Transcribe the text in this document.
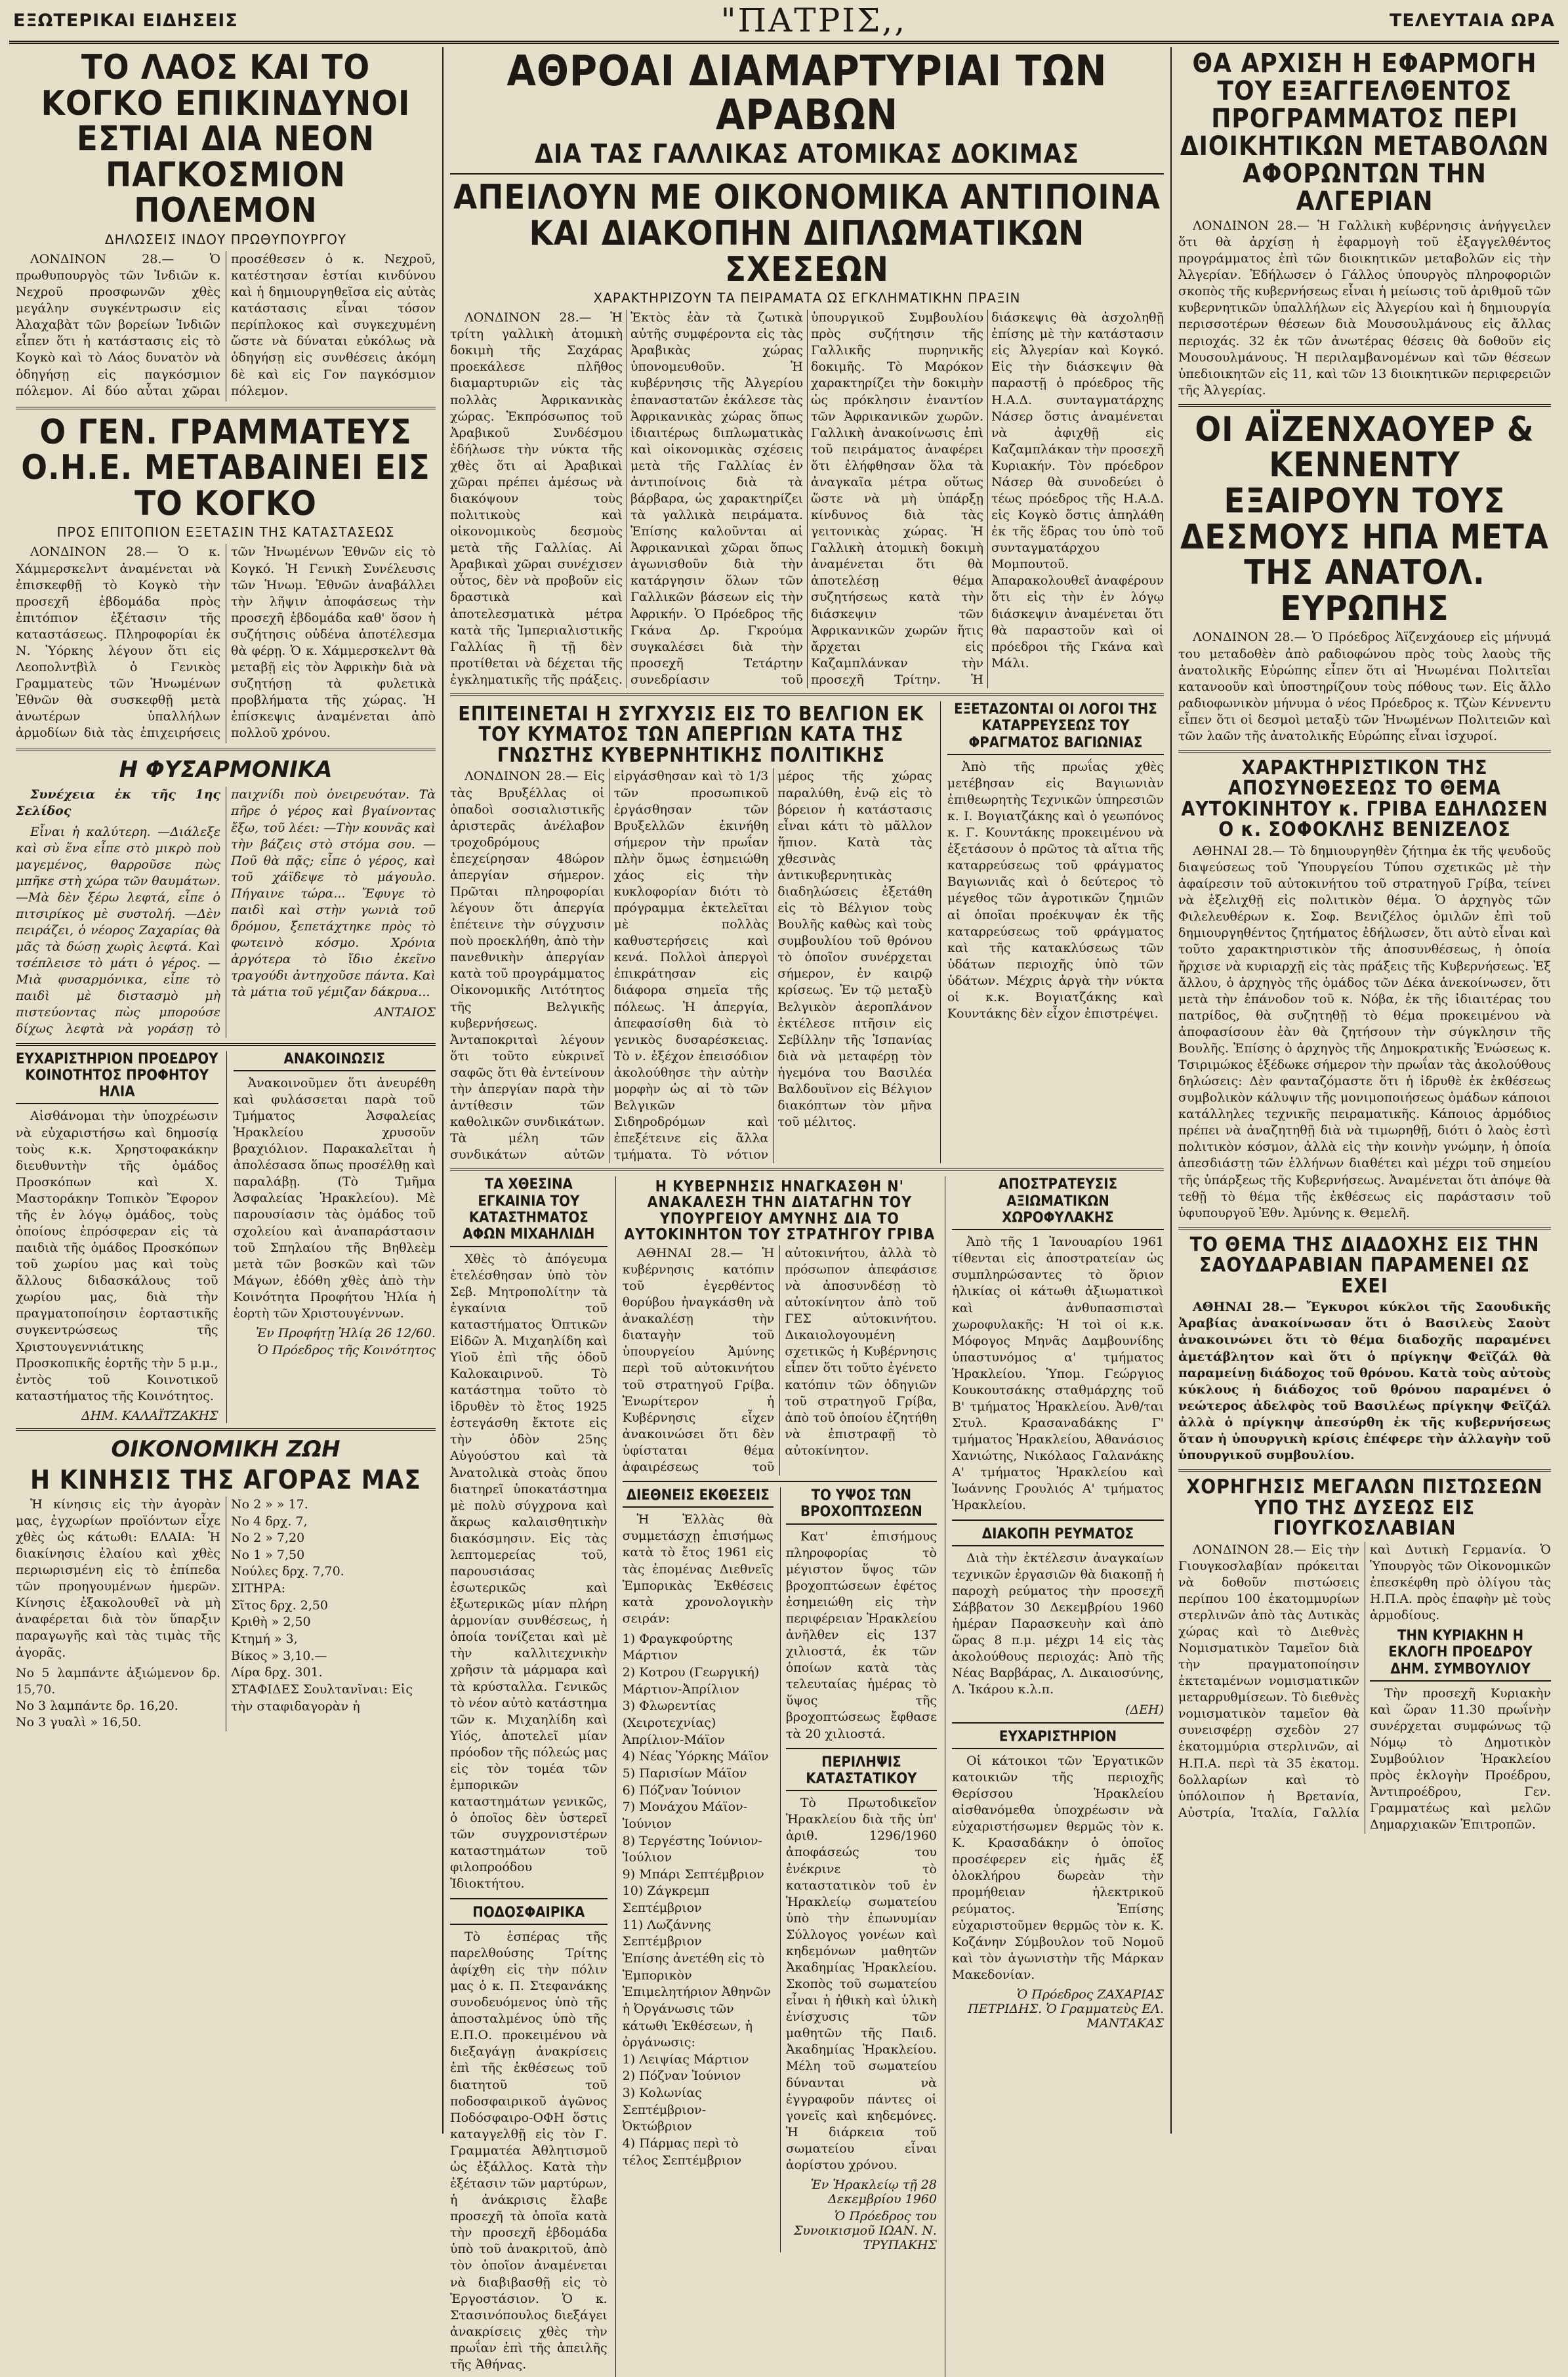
ΕΞΩΤΕΡΙΚΑΙ ΕΙΔΗΣΕΙΣ	"ΠΑΤΡΙΣ,,	ΤΕΛΕΥΤΑΙΑ ΩΡΑ
ΤΟ ΛΑΟΣ ΚΑΙ ΤΟ ΚΟΓΚΟ ΕΠΙΚΙΝΔΥΝΟΙ ΕΣΤΙΑΙ ΔΙΑ ΝΕΟΝ ΠΑΓΚΟΣΜΙΟΝ ΠΟΛΕΜΟΝ
ΔΗΛΩΣΕΙΣ ΙΝΔΟΥ ΠΡΩΘΥΠΟΥΡΓΟΥ

ΛΟΝΔΙΝΟΝ 28.— Ὁ πρωθυπουργὸς τῶν Ἰνδιῶν κ. Νεχροῦ προσφωνῶν χθὲς μεγάλην συγκέντρωσιν εἰς Ἀλαχαβὰτ τῶν βορείων Ἰνδιῶν εἶπεν ὅτι ἡ κατάστασις εἰς τὸ Κογκὸ καὶ τὸ Λάος δυνατὸν νὰ ὁδηγήσῃ εἰς παγκόσμιον πόλεμον. Αἱ δύο αὗται χῶραι προσέθεσεν ὁ κ. Νεχροῦ, κατέστησαν ἑστίαι κινδύνου καὶ ἡ δημιουργηθεῖσα εἰς αὐτὰς κατάστασις εἶναι τόσον περίπλοκος καὶ συγκεχυμένη ὥστε νὰ δύναται εὐκόλως νὰ ὁδηγήσῃ εἰς συνθέσεις ἀκόμη δὲ καὶ εἰς Γον παγκόσμιον πόλεμον.

Ο ΓΕΝ. ΓΡΑΜΜΑΤΕΥΣ Ο.Η.Ε. ΜΕΤΑΒΑΙΝΕΙ ΕΙΣ ΤΟ ΚΟΓΚΟ
ΠΡΟΣ ΕΠΙΤΟΠΙΟΝ ΕΞΕΤΑΣΙΝ ΤΗΣ ΚΑΤΑΣΤΑΣΕΩΣ

ΛΟΝΔΙΝΟΝ 28.— Ὁ κ. Χάμμερσκελντ ἀναμένεται νὰ ἐπισκεφθῇ τὸ Κογκὸ τὴν προσεχῆ ἑβδομάδα πρὸς ἐπιτόπιον ἐξέτασιν τῆς καταστάσεως. Πληροφορίαι ἐκ Ν. Ὑόρκης λέγουν ὅτι εἰς Λεοπολντβὶλ ὁ Γενικὸς Γραμματεὺς τῶν Ἡνωμένων Ἐθνῶν θὰ συσκεφθῇ μετὰ ἀνωτέρων ὑπαλλήλων ἀρμοδίων διὰ τὰς ἐπιχειρήσεις τῶν Ἡνωμένων Ἐθνῶν εἰς τὸ Κογκό. Ἡ Γενικὴ Συνέλευσις τῶν Ἡνωμ. Ἐθνῶν ἀναβάλλει τὴν λῆψιν ἀποφάσεως τὴν προσεχῆ ἑβδομάδα καθ' ὅσον ἡ συζήτησις οὐδένα ἀποτέλεσμα θὰ φέρῃ. Ὁ κ. Χάμμερσκελντ θὰ μεταβῇ εἰς τὸν Ἀφρικὴν διὰ νὰ συζητήσῃ τὰ φυλετικὰ προβλήματα τῆς χώρας. Ἡ ἐπίσκεψις ἀναμένεται ἀπὸ πολλοῦ χρόνου.

Η ΦΥΣΑΡΜΟΝΙΚΑ

Συνέχεια ἐκ τῆς 1ης Σελίδος

Εἶναι ἡ καλύτερη. —Διάλεξε καὶ σὺ ἕνα εἶπε στὸ μικρὸ ποὺ μαγεμένος, θαρροῦσε πὼς μπῆκε στὴ χώρα τῶν θαυμάτων. —Μὰ δὲν ξέρω λεφτά, εἶπε ὁ πιτσιρίκος μὲ συστολή. —Δὲν πειράζει, ὁ νέορος Ζαχαρίας θὰ μᾶς τὰ δώσῃ χωρὶς λεφτά. Καὶ τσέπλεισε τὸ μάτι ὁ γέρος. —Μιὰ φυσαρμόνικα, εἶπε τὸ παιδὶ μὲ διστασμὸ μὴ πιστεύοντας πὼς μπορούσε δίχως λεφτὰ νὰ γοράσῃ τὸ παιχνίδι ποὺ ὀνειρευόταν. Τὰ πῆρε ὁ γέρος καὶ βγαίνοντας ἔξω, τοῦ λέει: —Τὴν κουνᾶς καὶ τὴν βάζεις στὸ στόμα σου. —Ποῦ θὰ πᾷς; εἶπε ὁ γέρος, καὶ τοῦ χάϊδεψε τὸ μάγουλο. Πήγαινε τώρα... Ἔφυγε τὸ παιδὶ καὶ στὴν γωνιὰ τοῦ δρόμου, ξεπετάχτηκε πρὸς τὸ φωτεινὸ κόσμο. Χρόνια ἀργότερα τὸ ἴδιο ἐκεῖνο τραγούδι ἀντηχοῦσε πάντα. Καὶ τὰ μάτια τοῦ γέμιζαν δάκρυα...

ΑΝΤΑΙΟΣ
ΕΥΧΑΡΙΣΤΗΡΙΟΝ ΠΡΟΕΔΡΟΥ ΚΟΙΝΟΤΗΤΟΣ ΠΡΟΦΗΤΟΥ ΗΛΙΑ

Αἰσθάνομαι τὴν ὑποχρέωσιν νὰ εὐχαριστήσω καὶ δημοσίᾳ τοὺς κ.κ. Χρηστοφακάκην διευθυντὴν τῆς ὁμάδος Προσκόπων καὶ Χ. Μαστοράκην Τοπικὸν Ἔφορον τῆς ἐν λόγῳ ὁμάδος, τοὺς ὁποίους ἐπρόσφεραν εἰς τὰ παιδιὰ τῆς ὁμάδος Προσκόπων τοῦ χωρίου μας καὶ τοὺς ἄλλους διδασκάλους τοῦ χωρίου μας, διὰ τὴν πραγματοποίησιν ἑορταστικῆς συγκεντρώσεως τῆς Χριστουγεννιάτικης Προσκοπικῆς ἑορτῆς τὴν 5 μ.μ., ἐντὸς τοῦ Κοινοτικοῦ καταστήματος τῆς Κοινότητος.

ΔΗΜ. ΚΑΛΑΪΤΖΑΚΗΣ
ΑΝΑΚΟΙΝΩΣΙΣ

Ἀνακοινοῦμεν ὅτι ἀνευρέθη καὶ φυλάσσεται παρὰ τοῦ Τμήματος Ἀσφαλείας Ἡρακλείου χρυσοῦν βραχιόλιον. Παρακαλεῖται ἡ ἀπολέσασα ὅπως προσέλθῃ καὶ παραλάβῃ. (Τὸ Τμῆμα Ἀσφαλείας Ἡρακλείου). Μὲ παρουσίασιν τὰς ὁμάδος τοῦ σχολείου καὶ ἀναπαράστασιν τοῦ Σπηλαίου τῆς Βηθλεὲμ μετὰ τῶν βοσκῶν καὶ τῶν Μάγων, ἐδόθη χθὲς ἀπὸ τὴν Κοινότητα Προφήτου Ἠλία ἡ ἑορτὴ τῶν Χριστουγέννων.

Ἐν Προφήτῃ Ἠλίᾳ 26 12/60.
Ὁ Πρόεδρος τῆς Κοινότητος
ΟΙΚΟΝΟΜΙΚΗ ΖΩΗ
Η ΚΙΝΗΣΙΣ ΤΗΣ ΑΓΟΡΑΣ ΜΑΣ

Ἡ κίνησις εἰς τὴν ἀγορὰν μας, ἐγχωρίων προϊόντων εἶχε χθὲς ὡς κάτωθι: ΕΛΑΙΑ: Ἡ διακίνησις ἐλαίου καὶ χθὲς περιωρισμένη εἰς τὸ ἐπίπεδα τῶν προηγουμένων ἡμερῶν. Κίνησις ἐξακολουθεῖ νὰ μὴ ἀναφέρεται διὰ τὸν ὕπαρξιν παραγωγῆς καὶ τὰς τιμὰς τῆς ἀγορᾶς.

No 5 λαμπάντε ἀξιώμενον δρ. 15,70.
No 3 λαμπάντε δρ. 16,20.
No 3 γυαλὶ » 16,50.
No 2 » » 17.
No 4 δρχ. 7,
No 2 » 7,20
No 1 » 7,50
Νούλες δρχ. 7,70.
ΣΙΤΗΡΑ:
Σῖτος δρχ. 2,50
Κριθὴ » 2,50
Κτημή » 3,
Βίκος » 3,10.—
Λίρα δρχ. 301.
ΣΤΑΦΙΔΕΣ Σουλτανῖναι: Εἰς τὴν σταφιδαγορὰν ἡ
ΑΘΡΟΑΙ ΔΙΑΜΑΡΤΥΡΙΑΙ ΤΩΝ ΑΡΑΒΩΝ
ΔΙΑ ΤΑΣ ΓΑΛΛΙΚΑΣ ΑΤΟΜΙΚΑΣ ΔΟΚΙΜΑΣ
ΑΠΕΙΛΟΥΝ ΜΕ ΟΙΚΟΝΟΜΙΚΑ ΑΝΤΙΠΟΙΝΑ ΚΑΙ ΔΙΑΚΟΠΗΝ ΔΙΠΛΩΜΑΤΙΚΩΝ ΣΧΕΣΕΩΝ
ΧΑΡΑΚΤΗΡΙΖΟΥΝ ΤΑ ΠΕΙΡΑΜΑΤΑ ΩΣ ΕΓΚΛΗΜΑΤΙΚΗΝ ΠΡΑΞΙΝ

ΛΟΝΔΙΝΟΝ 28.— Ἡ τρίτη γαλλικὴ ἀτομικὴ δοκιμὴ τῆς Σαχάρας προεκάλεσε πλῆθος διαμαρτυριῶν εἰς τὰς πολλὰς Ἀφρικανικὰς χώρας. Ἐκπρόσωπος τοῦ Ἀραβικοῦ Συνδέσμου ἐδήλωσε τὴν νύκτα τῆς χθὲς ὅτι αἱ Ἀραβικαὶ χῶραι πρέπει ἀμέσως νὰ διακόψουν τοὺς πολιτικοὺς καὶ οἰκονομικοὺς δεσμοὺς μετὰ τῆς Γαλλίας. Αἱ Ἀραβικαὶ χῶραι συνέχισεν οὗτος, δὲν νὰ προβοῦν εἰς δραστικὰ καὶ ἀποτελεσματικὰ μέτρα κατὰ τῆς Ἰμπεριαλιστικῆς Γαλλίας ἢ τῇ δὲν προτίθεται νὰ δέχεται τῆς ἐγκληματικῆς τῆς πράξεις. Ἐκτὸς ἐὰν τὰ ζωτικὰ αὐτῆς συμφέροντα εἰς τὰς Ἀραβικὰς χώρας ὑπονομευθοῦν. Ἡ κυβέρνησις τῆς Ἀλγερίου ἐπαναστατῶν ἐκάλεσε τὰς Ἀφρικανικὰς χώρας ὅπως ἰδιαιτέρως διπλωματικὰς καὶ οἰκονομικὰς σχέσεις μετὰ τῆς Γαλλίας ἐν ἀντιποίνοις διὰ τὰ βάρβαρα, ὡς χαρακτηρίζει τὰ γαλλικὰ πειράματα. Ἐπίσης καλοῦνται αἱ Ἀφρικανικαὶ χῶραι ὅπως ἀγωνισθοῦν διὰ τὴν κατάργησιν ὅλων τῶν Γαλλικῶν βάσεων εἰς τὴν Ἀφρικήν. Ὁ Πρόεδρος τῆς Γκάνα Δρ. Γκρούμα συγκαλέσει διὰ τὴν προσεχῆ Τετάρτην συνεδρίασιν τοῦ ὑπουργικοῦ Συμβουλίου πρὸς συζήτησιν τῆς Γαλλικῆς πυρηνικῆς δοκιμῆς. Τὸ Μαρόκον χαρακτηρίζει τὴν δοκιμὴν ὡς πρόκλησιν ἐναντίον τῶν Ἀφρικανικῶν χωρῶν. Γαλλικὴ ἀνακοίνωσις ἐπὶ τοῦ πειράματος ἀναφέρει ὅτι ἐλήφθησαν ὅλα τὰ ἀναγκαῖα μέτρα οὕτως ὥστε νὰ μὴ ὑπάρξῃ κίνδυνος διὰ τὰς γειτονικὰς χώρας. Ἡ Γαλλικὴ ἀτομικὴ δοκιμὴ ἀναμένεται ὅτι θὰ ἀποτελέσῃ θέμα συζητήσεως κατὰ τὴν διάσκεψιν τῶν Ἀφρικανικῶν χωρῶν ἥτις ἄρχεται εἰς Καζαμπλάνκαν τὴν προσεχῆ Τρίτην. Ἡ διάσκεψις θὰ ἀσχοληθῇ ἐπίσης μὲ τὴν κατάστασιν εἰς Ἀλγερίαν καὶ Κογκό. Εἰς τὴν διάσκεψιν θὰ παραστῇ ὁ πρόεδρος τῆς Η.Α.Δ. συνταγματάρχης Νάσερ ὅστις ἀναμένεται νὰ ἀφιχθῇ εἰς Καζαμπλάκαν τὴν προσεχῆ Κυριακήν. Τὸν πρόεδρον Νάσερ θὰ συνοδεύει ὁ τέως πρόεδρος τῆς Η.Α.Δ. εἰς Κογκὸ ὅστις ἀπηλάθη ἐκ τῆς ἔδρας του ὑπὸ τοῦ συνταγματάρχου Μομπουτοῦ. Ἀπαρακολουθεῖ ἀναφέρουν ὅτι εἰς τὴν ἐν λόγῳ διάσκεψιν ἀναμένεται ὅτι θὰ παραστοῦν καὶ οἱ πρόεδροι τῆς Γκάνα καὶ Μάλι.

ΕΠΙΤΕΙΝΕΤΑΙ Η ΣΥΓΧΥΣΙΣ ΕΙΣ ΤΟ ΒΕΛΓΙΟΝ ΕΚ ΤΟΥ ΚΥΜΑΤΟΣ ΤΩΝ ΑΠΕΡΓΙΩΝ ΚΑΤΑ ΤΗΣ ΓΝΩΣΤΗΣ ΚΥΒΕΡΝΗΤΙΚΗΣ ΠΟΛΙΤΙΚΗΣ

ΛΟΝΔΙΝΟΝ 28.— Εἰς τὰς Βρυξέλλας οἱ ὀπαδοὶ σοσιαλιστικῆς ἀριστερᾶς ἀνέλαβον τροχοδρόμους ἐπεχείρησαν 48ώρον ἀπεργίαν σήμερον. Πρῶται πληροφορίαι λέγουν ὅτι ἀπεργία ἐπέτεινε τὴν σύγχυσιν ποὺ προεκλήθη, ἀπὸ τὴν πανεθνικὴν ἀπεργίαν κατὰ τοῦ προγράμματος Οἰκονομικῆς Λιτότητος τῆς Βελγικῆς κυβερνήσεως. Ἀνταποκριταὶ λέγουν ὅτι τοῦτο εὑκρινεῖ σαφῶς ὅτι θὰ ἐντείνουν τὴν ἀπεργίαν παρὰ τὴν ἀντίθεσιν τῶν καθολικῶν συνδικάτων. Τὰ μέλη τῶν συνδικάτων αὐτῶν εἰργάσθησαν καὶ τὸ 1/3 τῶν προσωπικοῦ ἐργάσθησαν τῶν Βρυξελλῶν ἐκινήθη σήμερον τὴν πρωΐαν πλὴν ὅμως ἐσημειώθη χάος εἰς τὴν κυκλοφορίαν διότι τὸ πρόγραμμα ἐκτελεῖται μὲ πολλὰς καθυστερήσεις καὶ κενά. Πολλοὶ ἀπεργοὶ ἐπικράτησαν εἰς διάφορα σημεῖα τῆς πόλεως. Ἡ ἀπεργία, ἀπεφασίσθη διὰ τὸ γενικὸς δυσαρέσκειας. Τὸ ν. ἐξέχον ἐπεισόδιον ἀκολούθησε τὴν αὐτὴν μορφὴν ὡς αἱ τὸ τῶν Βελγικῶν Σιδηροδρόμων καὶ ἐπεξέτεινε εἰς ἄλλα τμήματα. Τὸ νότιον μέρος τῆς χώρας παραλύθη, ἐνῷ εἰς τὸ βόρειον ἡ κατάστασις εἶναι κάτι τὸ μᾶλλον ἥπιον. Κατὰ τὰς χθεσινὰς ἀντικυβερνητικὰς διαδηλώσεις ἐξετάθη εἰς τὸ Βέλγιον τοὺς Βουλῆς καθὼς καὶ τοὺς συμβουλίου τοῦ θρόνου τὸ ὁποῖον συνέρχεται σήμερον, ἐν καιρῷ κρίσεως. Ἐν τῷ μεταξὺ Βελγικὸν ἀεροπλάνον ἐκτέλεσε πτῆσιν εἰς Σεβίλλην τῆς Ἱσπανίας διὰ νὰ μεταφέρῃ τὸν ἡγεμόνα του Βασιλέα Βαλδουῖνον εἰς Βέλγιον διακόπτων τὸν μῆνα τοῦ μέλιτος.

ΕΞΕΤΑΖΟΝΤΑΙ ΟΙ ΛΟΓΟΙ ΤΗΣ ΚΑΤΑΡΡΕΥΣΕΩΣ ΤΟΥ ΦΡΑΓΜΑΤΟΣ ΒΑΓΙΩΝΙΑΣ

Ἀπὸ τῆς πρωΐας χθὲς μετέβησαν εἰς Βαγιωνιὰν ἐπιθεωρητὴς Τεχνικῶν ὑπηρεσιῶν κ. Ι. Βογιατζάκης καὶ ὁ γεωπόνος κ. Γ. Κουντάκης προκειμένου νὰ ἐξετάσουν ὁ πρῶτος τὰ αἴτια τῆς καταρρεύσεως τοῦ φράγματος Βαγιωνιᾶς καὶ ὁ δεύτερος τὸ μέγεθος τῶν ἀγροτικῶν ζημιῶν αἱ ὁποῖαι προέκυψαν ἐκ τῆς καταρρεύσεως τοῦ φράγματος καὶ τῆς κατακλύσεως τῶν ὑδάτων περιοχῆς ὑπὸ τῶν ὑδάτων. Μέχρις ἀργὰ τὴν νύκτα οἱ κ.κ. Βογιατζάκης καὶ Κουντάκης δὲν εἶχον ἐπιστρέψει.

ΤΑ ΧΘΕΣΙΝΑ ΕΓΚΑΙΝΙΑ ΤΟΥ ΚΑΤΑΣΤΗΜΑΤΟΣ ΑΦΩΝ ΜΙΧΑΗΛΙΔΗ

Χθὲς τὸ ἀπόγευμα ἐτελέσθησαν ὑπὸ τὸν Σεβ. Μητροπολίτην τὰ ἐγκαίνια τοῦ καταστήματος Ὀπτικῶν Εἰδῶν Ἀ. Μιχαηλίδη καὶ Υἱοῦ ἐπὶ τῆς ὁδοῦ Καλοκαιρινοῦ. Τὸ κατάστημα τοῦτο τὸ ἱδρυθὲν τὸ ἔτος 1925 ἐστεγάσθη ἔκτοτε εἰς τὴν ὁδὸν 25ης Αὐγούστου καὶ τὰ Ἀνατολικὰ στοὰς ὅπου διατηρεῖ ὑποκατάστημα μὲ πολὺ σύγχρονα καὶ ἄκρως καλαισθητικὴν διακόσμησιν. Εἰς τὰς λεπτομερείας τοῦ, παρουσιάσας ἐσωτερικῶς καὶ ἐξωτερικῶς μίαν πλήρη ἁρμονίαν συνθέσεως, ἡ ὁποία τονίζεται καὶ μὲ τὴν καλλιτεχνικὴν χρῆσιν τὰ μάρμαρα καὶ τὰ κρύσταλλα. Γενικῶς τὸ νέον αὐτὸ κατάστημα τῶν κ. Μιχαηλίδη καὶ Υἱός, ἀποτελεῖ μίαν πρόοδον τῆς πόλεώς μας εἰς τὸν τομέα τῶν ἐμπορικῶν καταστημάτων γενικῶς, ὁ ὁποῖος δὲν ὑστερεῖ τῶν συγχρονιστέρων καταστημάτων τοῦ φιλοπροόδου Ἰδιοκτήτου.

ΠΟΔΟΣΦΑΙΡΙΚΑ

Τὸ ἑσπέρας τῆς παρελθούσης Τρίτης ἀφίχθη εἰς τὴν πόλιν μας ὁ κ. Π. Στεφανάκης συνοδευόμενος ὑπὸ τῆς ἀποσταλμένος ὑπὸ τῆς Ε.Π.Ο. προκειμένου νὰ διεξαγάγῃ ἀνακρίσεις ἐπὶ τῆς ἐκθέσεως τοῦ διατητοῦ τοῦ ποδοσφαιρικοῦ ἀγῶνος Ποδόσφαιρο-ΟΦΗ ὅστις καταγγελθῇ εἰς τὸν Γ. Γραμματέα Ἀθλητισμοῦ ὡς ἐξάλλος. Κατὰ τὴν ἐξέτασιν τῶν μαρτύρων, ἡ ἀνάκρισις ἔλαβε προσεχῆ τὰ ὁποῖα κατὰ τὴν προσεχῆ ἑβδομάδα ὑπὸ τοῦ ἀνακριτοῦ, ἀπὸ τὸν ὁποῖον ἀναμένεται νὰ διαβιβασθῇ εἰς τὸ Ἐργοστάσιον. Ὁ κ. Στασινόπουλος διεξάγει ἀνακρίσεις χθὲς τὴν πρωΐαν ἐπὶ τῆς ἀπειλῆς τῆς Ἀθήνας.

Η ΚΥΒΕΡΝΗΣΙΣ ΗΝΑΓΚΑΣΘΗ Ν' ΑΝΑΚΑΛΕΣΗ ΤΗΝ ΔΙΑΤΑΓΗΝ ΤΟΥ ΥΠΟΥΡΓΕΙΟΥ ΑΜΥΝΗΣ ΔΙΑ ΤΟ ΑΥΤΟΚΙΝΗΤΟΝ ΤΟΥ ΣΤΡΑΤΗΓΟΥ ΓΡΙΒΑ

ΑΘΗΝΑΙ 28.— Ἡ κυβέρνησις κατόπιν τοῦ ἐγερθέντος θορύβου ἠναγκάσθη νὰ ἀνακαλέσῃ τὴν διαταγὴν τοῦ ὑπουργείου Ἀμύνης περὶ τοῦ αὐτοκινήτου τοῦ στρατηγοῦ Γρίβα. Ἐνωρίτερον ἡ Κυβέρνησις εἶχεν ἀνακοινώσει ὅτι δὲν ὑφίσταται θέμα ἀφαιρέσεως τοῦ αὐτοκινήτου, ἀλλὰ τὸ πρόσωπον ἀπεφάσισε νὰ ἀποσυνδέσῃ τὸ αὐτοκίνητον ἀπὸ τοῦ ΓΕΣ αὐτοκινήτου. Δικαιολογουμένη σχετικῶς ἡ Κυβέρνησις εἶπεν ὅτι τοῦτο ἐγένετο κατόπιν τῶν ὁδηγιῶν τοῦ στρατηγοῦ Γρίβα, ἀπὸ τοῦ ὁποίου ἐζητήθη νὰ ἐπιστραφῇ τὸ αὐτοκίνητον.

ΔΙΕΘΝΕΙΣ ΕΚΘΕΣΕΙΣ

Ἡ Ἑλλὰς θὰ συμμετάσχῃ ἐπισήμως κατὰ τὸ ἔτος 1961 εἰς τὰς ἑπομένας Διεθνεῖς Ἐμπορικὰς Ἐκθέσεις κατὰ χρονολογικὴν σειράν:

1) Φραγκφούρτης Μάρτιον
2) Κοτρου (Γεωργική) Μάρτιον-Ἀπρίλιον
3) Φλωρεντίας (Χειροτεχνίας) Ἀπρίλιον-Μάϊον
4) Νέας Ὑόρκης Μάϊον
5) Παρισίων Μάϊον
6) Πόζναν Ἰούνιον
7) Μονάχου Μάϊον-Ἰούνιον
8) Τεργέστης Ἰούνιον-Ἰούλιον
9) Μπάρι Σεπτέμβριον
10) Ζάγκρεμπ Σεπτέμβριον
11) Λωζάννης Σεπτέμβριον
Ἐπίσης ἀνετέθη εἰς τὸ Ἐμπορικὸν Ἐπιμελητήριον Ἀθηνῶν ἡ Ὀργάνωσις τῶν κάτωθι Ἐκθέσεων, ἡ ὀργάνωσις:
1) Λειψίας Μάρτιον
2) Πόζναν Ἰούνιον
3) Κολωνίας Σεπτέμβριον-Ὀκτώβριον
4) Πάρμας περὶ τὸ τέλος Σεπτέμβριον
ΤΟ ΥΨΟΣ ΤΩΝ ΒΡΟΧΟΠΤΩΣΕΩΝ

Κατ' ἐπισήμους πληροφορίας τὸ μέγιστον ὕψος τῶν βροχοπτώσεων ἐφέτος ἐσημειώθη εἰς τὴν περιφέρειαν Ἡρακλείου ἀνῆλθεν εἰς 137 χιλιοστά, ἐκ τῶν ὁποίων κατὰ τὰς τελευταίας ἡμέρας τὸ ὕψος τῆς βροχοπτώσεως ἔφθασε τὰ 20 χιλιοστά.

ΠΕΡΙΛΗΨΙΣ ΚΑΤΑΣΤΑΤΙΚΟΥ

Τὸ Πρωτοδικεῖον Ἡρακλείου διὰ τῆς ὑπ' ἀριθ. 1296/1960 ἀποφάσεώς του ἐνέκρινε τὸ καταστατικὸν τοῦ ἐν Ἡρακλείῳ σωματείου ὑπὸ τὴν ἐπωνυμίαν Σύλλογος γονέων καὶ κηδεμόνων μαθητῶν Ἀκαδημίας Ἡρακλείου. Σκοπὸς τοῦ σωματείου εἶναι ἡ ἠθικὴ καὶ ὑλικὴ ἐνίσχυσις τῶν μαθητῶν τῆς Παιδ. Ἀκαδημίας Ἡρακλείου. Μέλη τοῦ σωματείου δύνανται νὰ ἐγγραφοῦν πάντες οἱ γονεῖς καὶ κηδεμόνες. Ἡ διάρκεια τοῦ σωματείου εἶναι ἀορίστου χρόνου.

Ἐν Ἡρακλείῳ τῇ 28 Δεκεμβρίου 1960
Ὁ Πρόεδρος του Συνοικισμοῦ ΙΩΑΝ. Ν. ΤΡΥΠΑΚΗΣ
ΑΠΟΣΤΡΑΤΕΥΣΙΣ ΑΞΙΩΜΑΤΙΚΩΝ ΧΩΡΟΦΥΛΑΚΗΣ

Ἀπὸ τῆς 1 Ἰανουαρίου 1961 τίθενται εἰς ἀποστρατείαν ὡς συμπληρώσαντες τὸ ὅριον ἡλικίας οἱ κάτωθι ἀξιωματικοὶ καὶ ἀνθυπασπισταὶ χωροφυλακῆς: Ἡ τοὶ οἱ κ.κ. Μόφογος Μηνᾶς Δαμβουνίδης ὑπαστυνόμος α' τμήματος Ἡρακλείου. Ὑπομ. Γεώργιος Κουκουτσάκης σταθμάρχης τοῦ Β' τμήματος Ἡρακλείου. Ἀνθ/ται Στυλ. Κρασαναδάκης Γ' τμήματος Ἡρακλείου, Ἀθανάσιος Χανιώτης, Νικόλαος Γαλανάκης Α' τμήματος Ἡρακλείου καὶ Ἰωάννης Γρουλιός Α' τμήματος Ἡρακλείου.

ΔΙΑΚΟΠΗ ΡΕΥΜΑΤΟΣ

Διὰ τὴν ἐκτέλεσιν ἀναγκαίων τεχνικῶν ἐργασιῶν θὰ διακοπῇ ἡ παροχὴ ρεύματος τὴν προσεχῆ Σάββατον 30 Δεκεμβρίου 1960 ἡμέραν Παρασκευὴν καὶ ἀπὸ ὥρας 8 π.μ. μέχρι 14 εἰς τὰς ἀκολούθους περιοχάς: Ἀπὸ τῆς Νέας Βαρβάρας, Λ. Δικαιοσύνης, Λ. Ἰκάρου κ.λ.π.

(ΔΕΗ)
ΕΥΧΑΡΙΣΤΗΡΙΟΝ

Οἱ κάτοικοι τῶν Ἐργατικῶν κατοικιῶν τῆς περιοχῆς Θερίσσου Ἡρακλείου αἰσθανόμεθα ὑποχρέωσιν νὰ εὐχαριστήσωμεν θερμῶς τὸν κ. Κ. Κρασαδάκην ὁ ὁποῖος προσέφερεν εἰς ἡμᾶς ἐξ ὁλοκλήρου δωρεὰν τὴν προμήθειαν ἠλεκτρικοῦ ρεύματος. Ἐπίσης εὐχαριστοῦμεν θερμῶς τὸν κ. Κ. Κοζάνην Σύμβουλον τοῦ Νομοῦ καὶ τὸν ἀγωνιστὴν τῆς Μάρκαν Μακεδονίαν.

Ὁ Πρόεδρος ΖΑΧΑΡΙΑΣ ΠΕΤΡΙΔΗΣ. Ὁ Γραμματεὺς ΕΛ. ΜΑΝΤΑΚΑΣ
ΘΑ ΑΡΧΙΣΗ Η ΕΦΑΡΜΟΓΗ ΤΟΥ ΕΞΑΓΓΕΛΘΕΝΤΟΣ ΠΡΟΓΡΑΜΜΑΤΟΣ ΠΕΡΙ ΔΙΟΙΚΗΤΙΚΩΝ ΜΕΤΑΒΟΛΩΝ ΑΦΟΡΩΝΤΩΝ ΤΗΝ ΑΛΓΕΡΙΑΝ

ΛΟΝΔΙΝΟΝ 28.— Ἡ Γαλλικὴ κυβέρνησις ἀνήγγειλεν ὅτι θὰ ἀρχίσῃ ἡ ἐφαρμογὴ τοῦ ἐξαγγελθέντος προγράμματος ἐπὶ τῶν διοικητικῶν μεταβολῶν εἰς τὴν Ἀλγερίαν. Ἐδήλωσεν ὁ Γάλλος ὑπουργὸς πληροφοριῶν σκοπὸς τῆς κυβερνήσεως εἶναι ἡ μείωσις τοῦ ἀριθμοῦ τῶν κυβερνητικῶν ὑπαλλήλων εἰς Ἀλγερίου καὶ ἡ δημιουργία περισσοτέρων θέσεων διὰ Μουσουλμάνους εἰς ἄλλας περιοχάς. 32 ἐκ τῶν ἀνωτέρας θέσεις θὰ δοθοῦν εἰς Μουσουλμάνους. Ἡ περιλαμβανομένων καὶ τῶν θέσεων ὑπεδιοικητῶν εἰς 11, καὶ τῶν 13 διοικητικῶν περιφερειῶν τῆς Ἀλγερίας.

ΟΙ ΑΪΖΕΝΧΑΟΥΕΡ & ΚΕΝΝΕΝΤΥ ΕΞΑΙΡΟΥΝ ΤΟΥΣ ΔΕΣΜΟΥΣ ΗΠΑ ΜΕΤΑ ΤΗΣ ΑΝΑΤΟΛ. ΕΥΡΩΠΗΣ

ΛΟΝΔΙΝΟΝ 28.— Ὁ Πρόεδρος Ἀϊζενχάουερ εἰς μήνυμά του μεταδοθὲν ἀπὸ ραδιοφώνου πρὸς τοὺς λαοὺς τῆς ἀνατολικῆς Εὐρώπης εἶπεν ὅτι αἱ Ἡνωμέναι Πολιτεῖαι κατανοοῦν καὶ ὑποστηρίζουν τοὺς πόθους των. Εἰς ἄλλο ραδιοφωνικὸν μήνυμα ὁ νέος Πρόεδρος κ. Τζὼν Κέννεντυ εἶπεν ὅτι οἱ δεσμοὶ μεταξὺ τῶν Ἡνωμένων Πολιτειῶν καὶ τῶν λαῶν τῆς ἀνατολικῆς Εὐρώπης εἶναι ἰσχυροί.

ΧΑΡΑΚΤΗΡΙΣΤΙΚΟΝ ΤΗΣ ΑΠΟΣΥΝΘΕΣΕΩΣ ΤΟ ΘΕΜΑ ΑΥΤΟΚΙΝΗΤΟΥ κ. ΓΡΙΒΑ ΕΔΗΛΩΣΕΝ Ο κ. ΣΟΦΟΚΛΗΣ ΒΕΝΙΖΕΛΟΣ

ΑΘΗΝΑΙ 28.— Τὸ δημιουργηθὲν ζήτημα ἐκ τῆς ψευδοῦς διαψεύσεως τοῦ Ὑπουργείου Τύπου σχετικῶς μὲ τὴν ἀφαίρεσιν τοῦ αὐτοκινήτου τοῦ στρατηγοῦ Γρίβα, τείνει νὰ ἐξελιχθῇ εἰς πολιτικὸν θέμα. Ὁ ἀρχηγὸς τῶν Φιλελευθέρων κ. Σοφ. Βενιζέλος ὁμιλῶν ἐπὶ τοῦ δημιουργηθέντος ζητήματος ἐδήλωσεν, ὅτι αὐτὸ εἶναι καὶ τοῦτο χαρακτηριστικὸν τῆς ἀποσυνθέσεως, ἡ ὁποία ἤρχισε νὰ κυριαρχῇ εἰς τὰς πράξεις τῆς Κυβερνήσεως. Ἐξ ἄλλου, ὁ ἀρχηγὸς τῆς ὁμάδος τῶν Δέκα ἀνεκοίνωσεν, ὅτι μετὰ τὴν ἐπάνοδον τοῦ κ. Νόβα, ἐκ τῆς ἰδιαιτέρας του πατρίδος, θὰ συζητηθῇ τὸ θέμα προκειμένου νὰ ἀποφασίσουν ἐὰν θὰ ζητήσουν τὴν σύγκλησιν τῆς Βουλῆς. Ἐπίσης ὁ ἀρχηγὸς τῆς Δημοκρατικῆς Ἐνώσεως κ. Τσιριμώκος ἐξέδωκε σήμερον τὴν πρωΐαν τὰς ἀκολούθους δηλώσεις: Δὲν φανταζόμαστε ὅτι ἡ ἰδρυθὲ ἐκ ἐκθέσεως συμβολικὸν κάλυψιν τῆς μονιμοποιήσεως ὁμάδων κάποιοι κατάλληλες τεχνικῆς πειραματικῆς. Κάποιος ἁρμόδιος πρέπει νὰ ἀναζητηθῇ διὰ νὰ τιμωρηθῇ, διότι ὁ λαὸς ἐστὶ πολιτικὸν κόσμον, ἀλλὰ εἰς τὴν κοινὴν γνώμην, ἡ ὁποία ἀπεσδιάστῃ τῶν ἑλλήνων διαθέτει καὶ μέχρι τοῦ σημείου τῆς ὑπάρξεως τῆς Κυβερνήσεως. Ἀναμένεται ὅτι ἀπόψε θὰ τεθῇ τὸ θέμα τῆς ἐκθέσεως εἰς παράστασιν τοῦ ὑφυπουργοῦ Ἐθν. Ἀμύνης κ. Θεμελῆ.

ΤΟ ΘΕΜΑ ΤΗΣ ΔΙΑΔΟΧΗΣ ΕΙΣ ΤΗΝ ΣΑΟΥΔΑΡΑΒΙΑΝ ΠΑΡΑΜΕΝΕΙ ΩΣ ΕΧΕΙ

ΑΘΗΝΑΙ 28.— Ἔγκυροι κύκλοι τῆς Σαουδικῆς Ἀραβίας ἀνακοίνωσαν ὅτι ὁ Βασιλεὺς Σαοὺτ ἀνακοινώνει ὅτι τὸ θέμα διαδοχῆς παραμένει ἀμετάβλητον καὶ ὅτι ὁ πρίγκηψ Φεϊζάλ θὰ παραμείνῃ διάδοχος τοῦ θρόνου. Κατὰ τοὺς αὐτοὺς κύκλους ἡ διάδοχος τοῦ θρόνου παραμένει ὁ νεώτερος ἀδελφὸς τοῦ Βασιλέως πρίγκηψ Φεϊζάλ ἀλλὰ ὁ πρίγκηψ ἀπεσύρθη ἐκ τῆς κυβερνήσεως ὅταν ἡ ὑπουργικὴ κρίσις ἐπέφερε τὴν ἀλλαγὴν τοῦ ὑπουργικοῦ συμβουλίου.

ΧΟΡΗΓΗΣΙΣ ΜΕΓΑΛΩΝ ΠΙΣΤΩΣΕΩΝ ΥΠΟ ΤΗΣ ΔΥΣΕΩΣ ΕΙΣ ΓΙΟΥΓΚΟΣΛΑΒΙΑΝ

ΛΟΝΔΙΝΟΝ 28.— Εἰς τὴν Γιουγκοσλαβίαν πρόκειται νὰ δοθοῦν πιστώσεις περίπου 100 ἑκατομμυρίων στερλινῶν ἀπὸ τὰς Δυτικὰς χώρας καὶ τὸ Διεθνὲς Νομισματικὸν Ταμεῖον διὰ τὴν πραγματοποίησιν ἐκτεταμένων νομισματικῶν μεταρρυθμίσεων. Τὸ διεθνὲς νομισματικὸν ταμεῖον θὰ συνεισφέρῃ σχεδὸν 27 ἑκατομμύρια στερλινῶν, αἱ Η.Π.Α. περὶ τὰ 35 ἑκατομ. δολλαρίων καὶ τὸ ὑπόλοιπον ἡ Βρετανία, Αὐστρία, Ἰταλία, Γαλλία καὶ Δυτικὴ Γερμανία. Ὁ Ὑπουργὸς τῶν Οἰκονομικῶν ἐπεσκέφθη πρὸ ὀλίγου τὰς Η.Π.Α. πρὸς ἐπαφὴν μὲ τοὺς ἁρμοδίους.

ΤΗΝ ΚΥΡΙΑΚΗΝ Η ΕΚΛΟΓΗ ΠΡΟΕΔΡΟΥ ΔΗΜ. ΣΥΜΒΟΥΛΙΟΥ

Τὴν προσεχῆ Κυριακὴν καὶ ὥραν 11.30 πρωΐνὴν συνέρχεται συμφώνως τῷ Νόμῳ τὸ Δημοτικὸν Συμβούλιον Ἡρακλείου πρὸς ἐκλογὴν Προέδρου, Ἀντιπροέδρου, Γεν. Γραμματέως καὶ μελῶν Δημαρχιακῶν Ἐπιτροπῶν.
